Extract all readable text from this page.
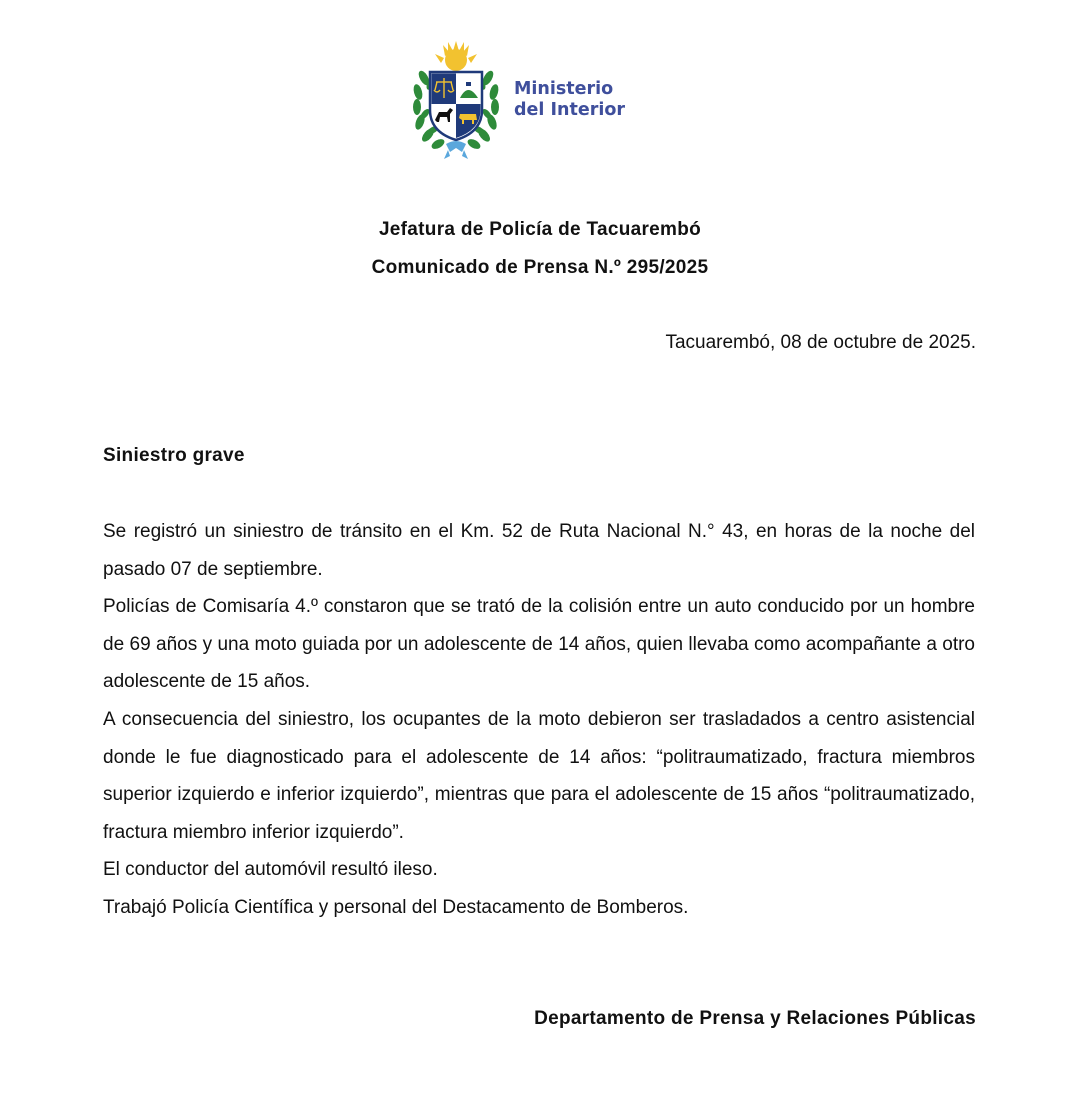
Ministerio
del Interior
Jefatura de Policía de Tacuarembó
Comunicado de Prensa N.º 295/2025
Tacuarembó, 08 de octubre de 2025.
Siniestro grave

Se registró un siniestro de tránsito en el Km. 52 de Ruta Nacional N.° 43, en horas de la noche del pasado 07 de septiembre.

Policías de Comisaría 4.º constaron que se trató de la colisión entre un auto conducido por un hombre de 69 años y una moto guiada por un adolescente de 14 años, quien llevaba como acompañante a otro adolescente de 15 años.

A consecuencia del siniestro, los ocupantes de la moto debieron ser trasladados a centro asistencial donde le fue diagnosticado para el adolescente de 14 años: “politraumatizado, fractura miembros superior izquierdo e inferior izquierdo”, mientras que para el adolescente de 15 años “politraumatizado, fractura miembro inferior izquierdo”.

El conductor del automóvil resultó ileso.

Trabajó Policía Científica y personal del Destacamento de Bomberos.

Departamento de Prensa y Relaciones Públicas
